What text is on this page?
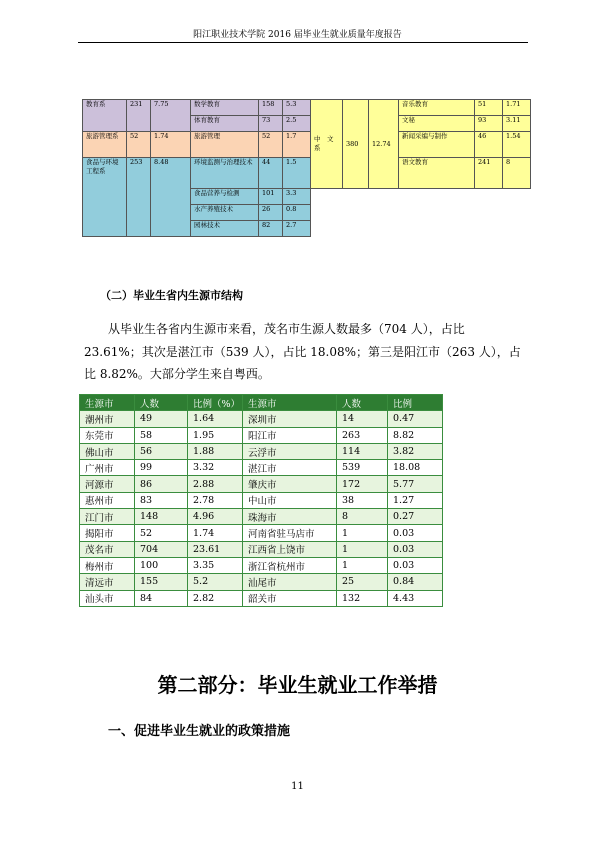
阳江职业技术学院 2016 届毕业生就业质量年度报告
教育系	231	7.75	数学教育	158	5.3	中　文　系	380	12.74	音乐教育	51	1.71
			体育教育	73	2.5				文秘	93	3.11
旅游管理系	52	1.74	旅游管理	52	1.7				新闻采编与制作	46	1.54
食品与环境工程系	253	8.48	环境监测与治理技术	44	1.5				语文教育	241	8
			食品营养与检测	101	3.3						
			水产养殖技术	26	0.8						
			园林技术	82	2.7						
（二）毕业生省内生源市结构
从毕业生各省内生源市来看，茂名市生源人数最多（704 人），占比 23.61%；其次是湛江市（539 人），占比 18.08%；第三是阳江市（263 人），占比 8.82%。大部分学生来自粤西。
生源市	人数	比例（%）	生源市	人数	比例
潮州市	49	1.64	深圳市	14	0.47
东莞市	58	1.95	阳江市	263	8.82
佛山市	56	1.88	云浮市	114	3.82
广州市	99	3.32	湛江市	539	18.08
河源市	86	2.88	肇庆市	172	5.77
惠州市	83	2.78	中山市	38	1.27
江门市	148	4.96	珠海市	8	0.27
揭阳市	52	1.74	河南省驻马店市	1	0.03
茂名市	704	23.61	江西省上饶市	1	0.03
梅州市	100	3.35	浙江省杭州市	1	0.03
清远市	155	5.2	汕尾市	25	0.84
汕头市	84	2.82	韶关市	132	4.43
第二部分：毕业生就业工作举措
一、促进毕业生就业的政策措施
11
